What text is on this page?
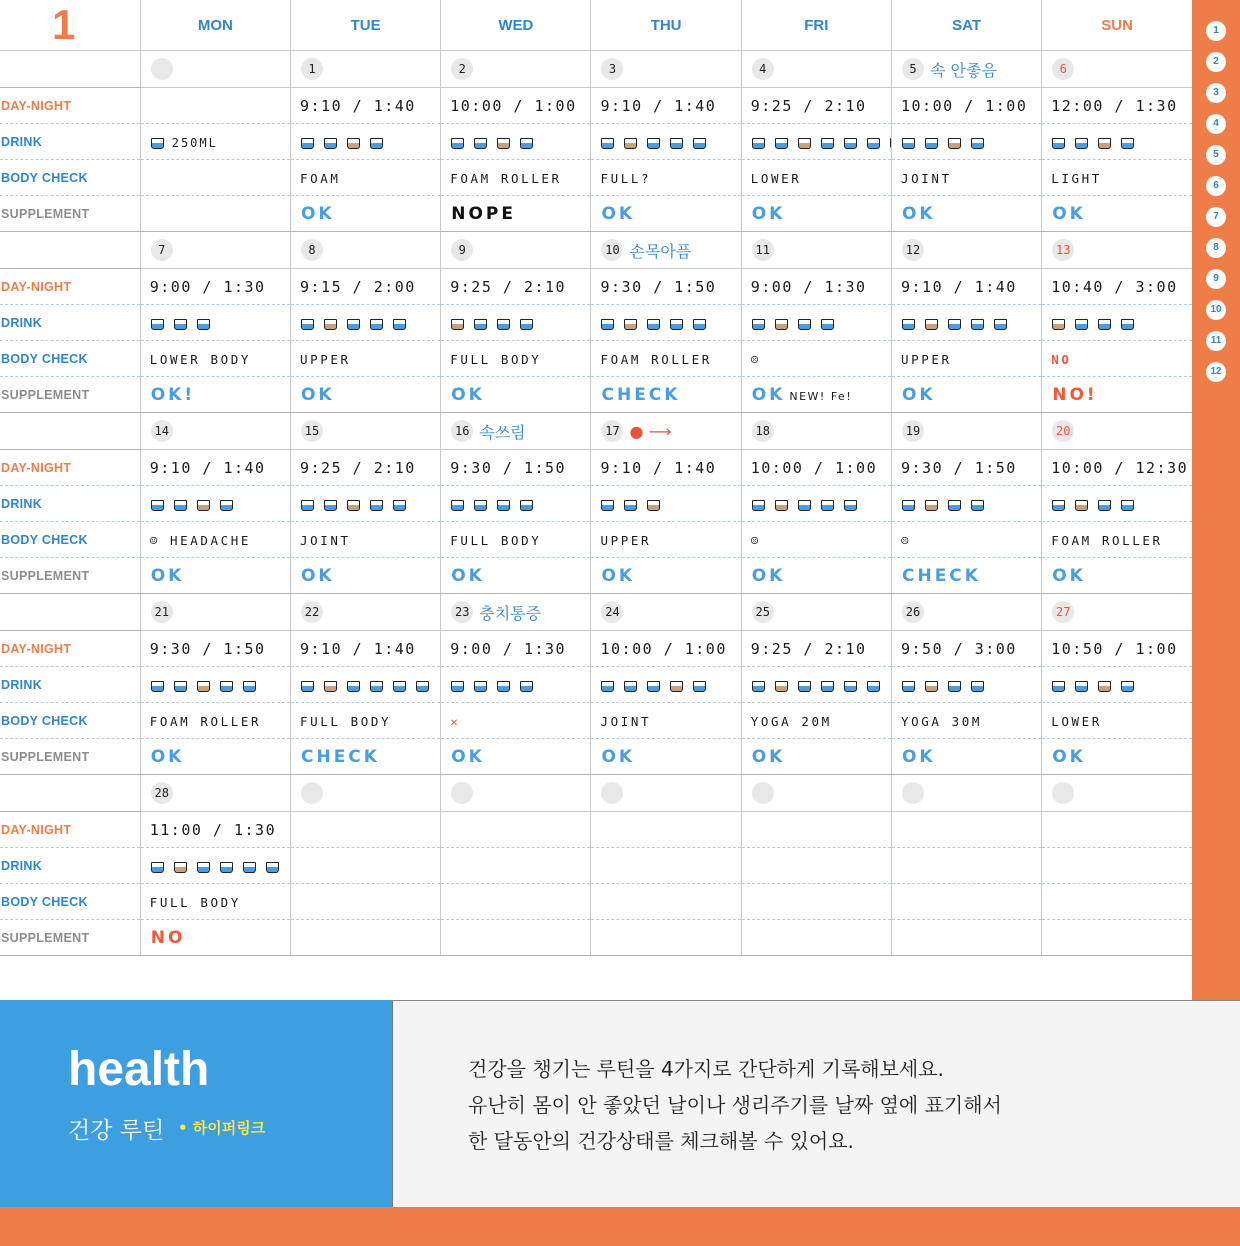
1	MON	TUE	WED	THU	FRI	SAT	SUN
		1	2	3	4	5 속 안좋음	6
DAY-NIGHT		9:10 / 1:40	10:00 / 1:00	9:10 / 1:40	9:25 / 2:10	10:00 / 1:00	12:00 / 1:30
DRINK	250ML						
BODY CHECK		FOAM	FOAM ROLLER	FULL?	LOWER	JOINT	LIGHT
SUPPLEMENT		OK	NOPE	OK	OK	OK	OK
	7	8	9	10 손목아픔	11	12	13
DAY-NIGHT	9:00 / 1:30	9:15 / 2:00	9:25 / 2:10	9:30 / 1:50	9:00 / 1:30	9:10 / 1:40	10:40 / 3:00
DRINK							
BODY CHECK	LOWER BODY	UPPER	FULL BODY	FOAM ROLLER	☹	UPPER	NO
SUPPLEMENT	OK!	OK	OK	CHECK	OK NEW! Fe!	OK	NO!
	14	15	16 속쓰림	17 ● ⟶	18	19	20
DAY-NIGHT	9:10 / 1:40	9:25 / 2:10	9:30 / 1:50	9:10 / 1:40	10:00 / 1:00	9:30 / 1:50	10:00 / 12:30
DRINK							
BODY CHECK	☺ HEADACHE	JOINT	FULL BODY	UPPER	☹	☹	FOAM ROLLER
SUPPLEMENT	OK	OK	OK	OK	OK	CHECK	OK
	21	22	23 충치통증	24	25	26	27
DAY-NIGHT	9:30 / 1:50	9:10 / 1:40	9:00 / 1:30	10:00 / 1:00	9:25 / 2:10	9:50 / 3:00	10:50 / 1:00
DRINK							
BODY CHECK	FOAM ROLLER	FULL BODY	✕	JOINT	YOGA 20M	YOGA 30M	LOWER
SUPPLEMENT	OK	CHECK	OK	OK	OK	OK	OK
	28						
DAY-NIGHT	11:00 / 1:30						
DRINK							
BODY CHECK	FULL BODY						
SUPPLEMENT	NO						
1
2
3
4
5
6
7
8
9
10
11
12
health
건강 루틴 • 하이퍼링크
건강을 챙기는 루틴을 4가지로 간단하게 기록해보세요.
유난히 몸이 안 좋았던 날이나 생리주기를 날짜 옆에 표기해서
한 달동안의 건강상태를 체크해볼 수 있어요.
